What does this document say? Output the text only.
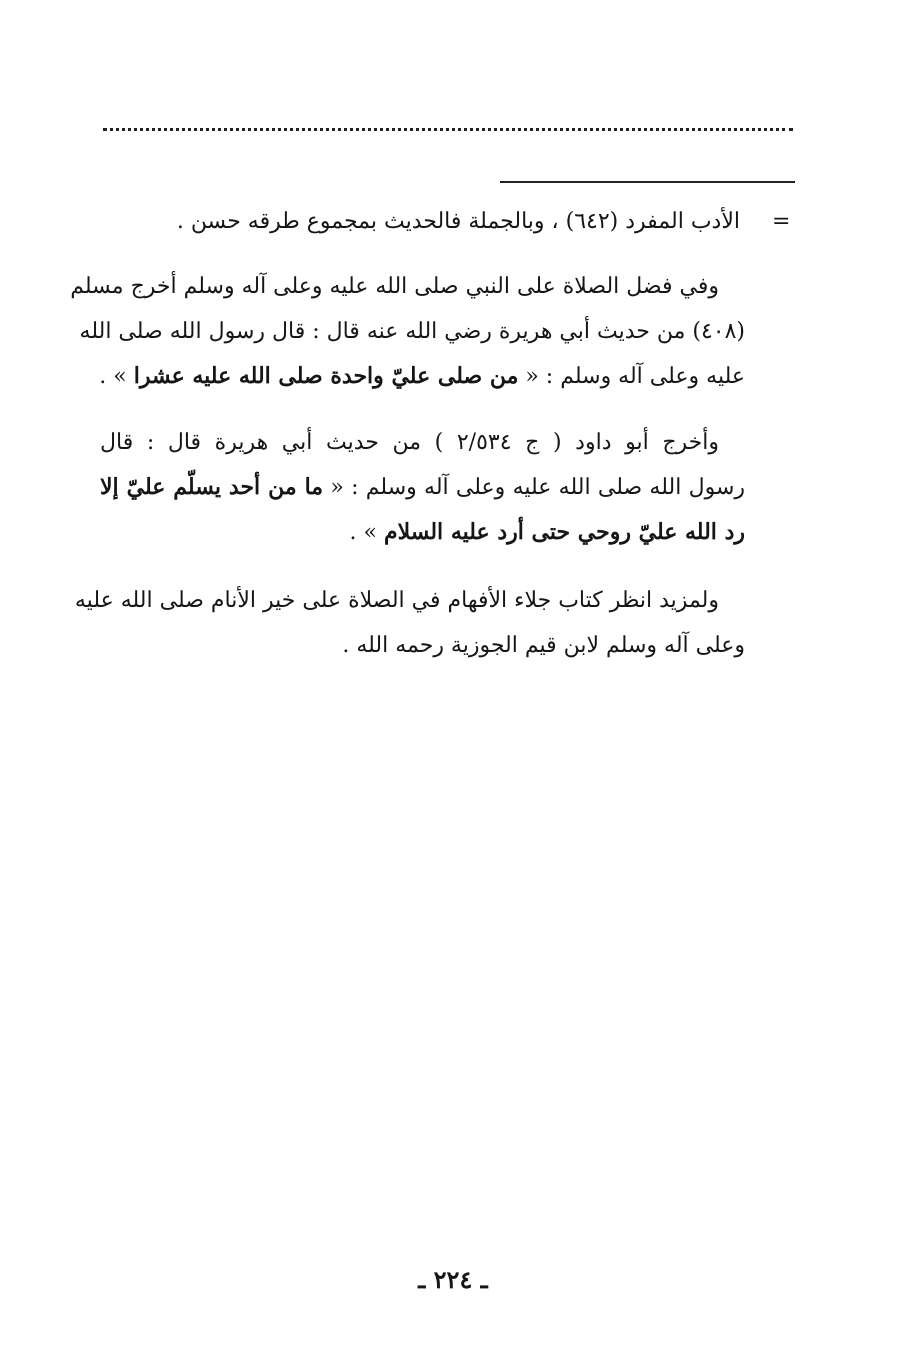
=
الأدب المفرد (٦٤٢) ، وبالجملة فالحديث بمجموع طرقه حسن .
وفي فضل الصلاة على النبي صلى الله عليه وعلى آله وسلم أخرج مسلم
(٤٠٨) من حديث أبي هريرة رضي الله عنه قال : قال رسول الله صلى الله
عليه وعلى آله وسلم : « من صلى عليّ واحدة صلى الله عليه عشرا » .
وأخرج أبو داود ( ج ٢/٥٣٤ ) من حديث أبي هريرة قال : قال
رسول الله صلى الله عليه وعلى آله وسلم : « ما من أحد يسلّم عليّ إلا
رد الله عليّ روحي حتى أرد عليه السلام » .
ولمزيد انظر كتاب جلاء الأفهام في الصلاة على خير الأنام صلى الله عليه
وعلى آله وسلم لابن قيم الجوزية رحمه الله .
ـ ٢٢٤ ـ
